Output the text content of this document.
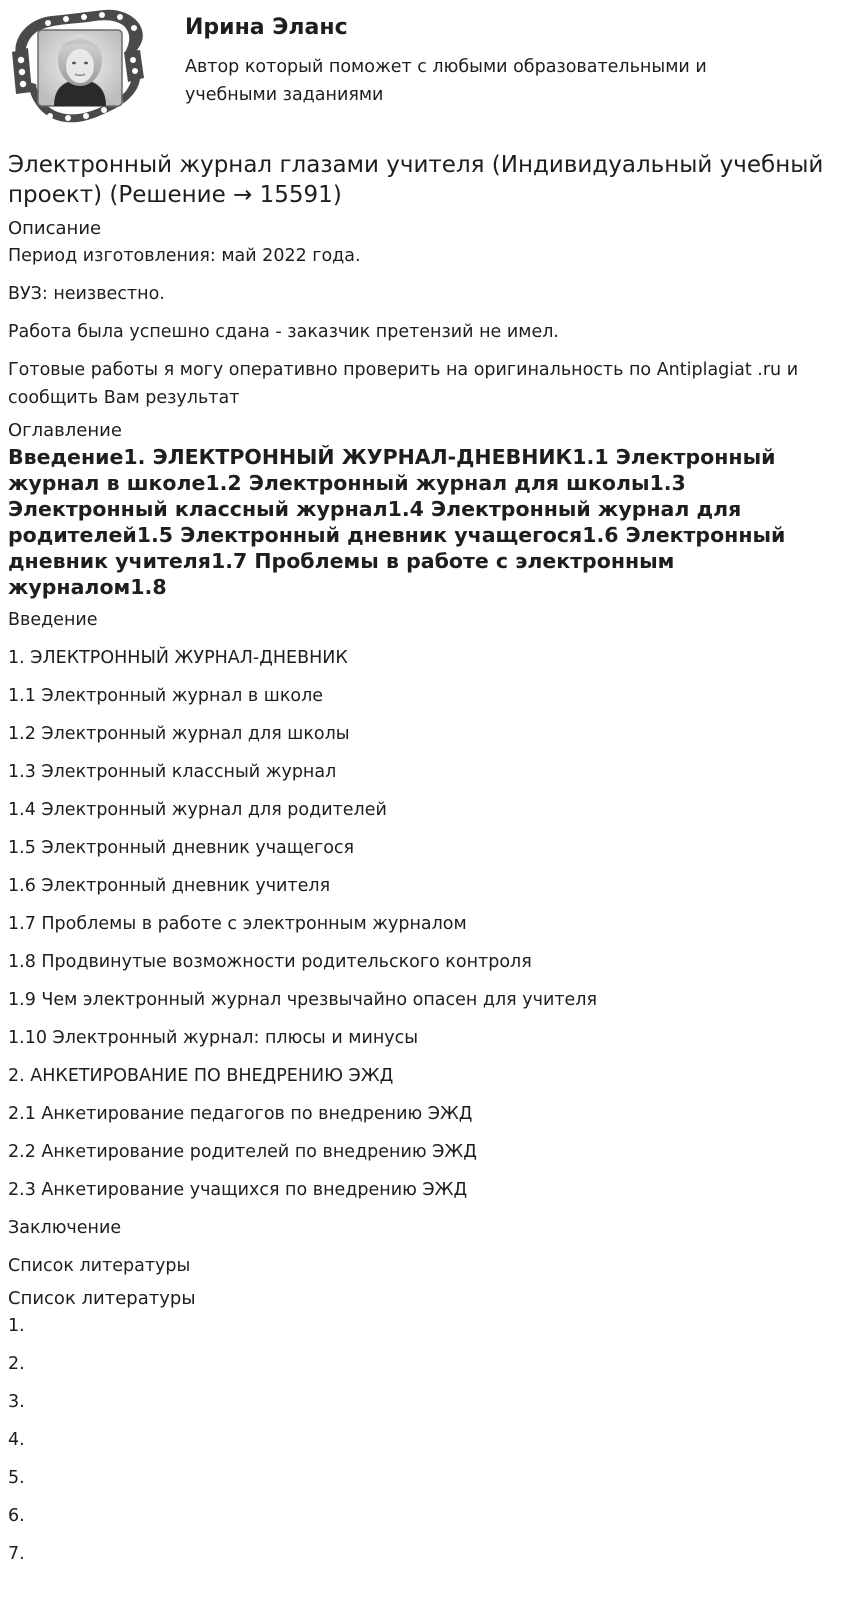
Ирина Эланс

Автор который поможет с любыми образовательными и учебными заданиями

Электронный журнал глазами учителя (Индивидуальный учебный проект) (Решение → 15591)
Описание

Период изготовления: май 2022 года.

ВУЗ: неизвестно.

Работа была успешно сдана - заказчик претензий не имел.

Готовые работы я могу оперативно проверить на оригинальность по Antiplagiat .ru и сообщить Вам результат

Оглавление
Введение1. ЭЛЕКТРОННЫЙ ЖУРНАЛ-ДНЕВНИК1.1 Электронный журнал в школе1.2 Электронный журнал для школы1.3 Электронный классный журнал1.4 Электронный журнал для родителей1.5 Электронный дневник учащегося1.6 Электронный дневник учителя1.7 Проблемы в работе с электронным журналом1.8

Введение

1. ЭЛЕКТРОННЫЙ ЖУРНАЛ-ДНЕВНИК

1.1 Электронный журнал в школе

1.2 Электронный журнал для школы

1.3 Электронный классный журнал

1.4 Электронный журнал для родителей

1.5 Электронный дневник учащегося

1.6 Электронный дневник учителя

1.7 Проблемы в работе с электронным журналом

1.8 Продвинутые возможности родительского контроля

1.9 Чем электронный журнал чрезвычайно опасен для учителя

1.10 Электронный журнал: плюсы и минусы

2. АНКЕТИРОВАНИЕ ПО ВНЕДРЕНИЮ ЭЖД

2.1 Анкетирование педагогов по внедрению ЭЖД

2.2 Анкетирование родителей по внедрению ЭЖД

2.3 Анкетирование учащихся по внедрению ЭЖД

Заключение

Список литературы

Список литературы

1.

2.

3.

4.

5.

6.

7.
